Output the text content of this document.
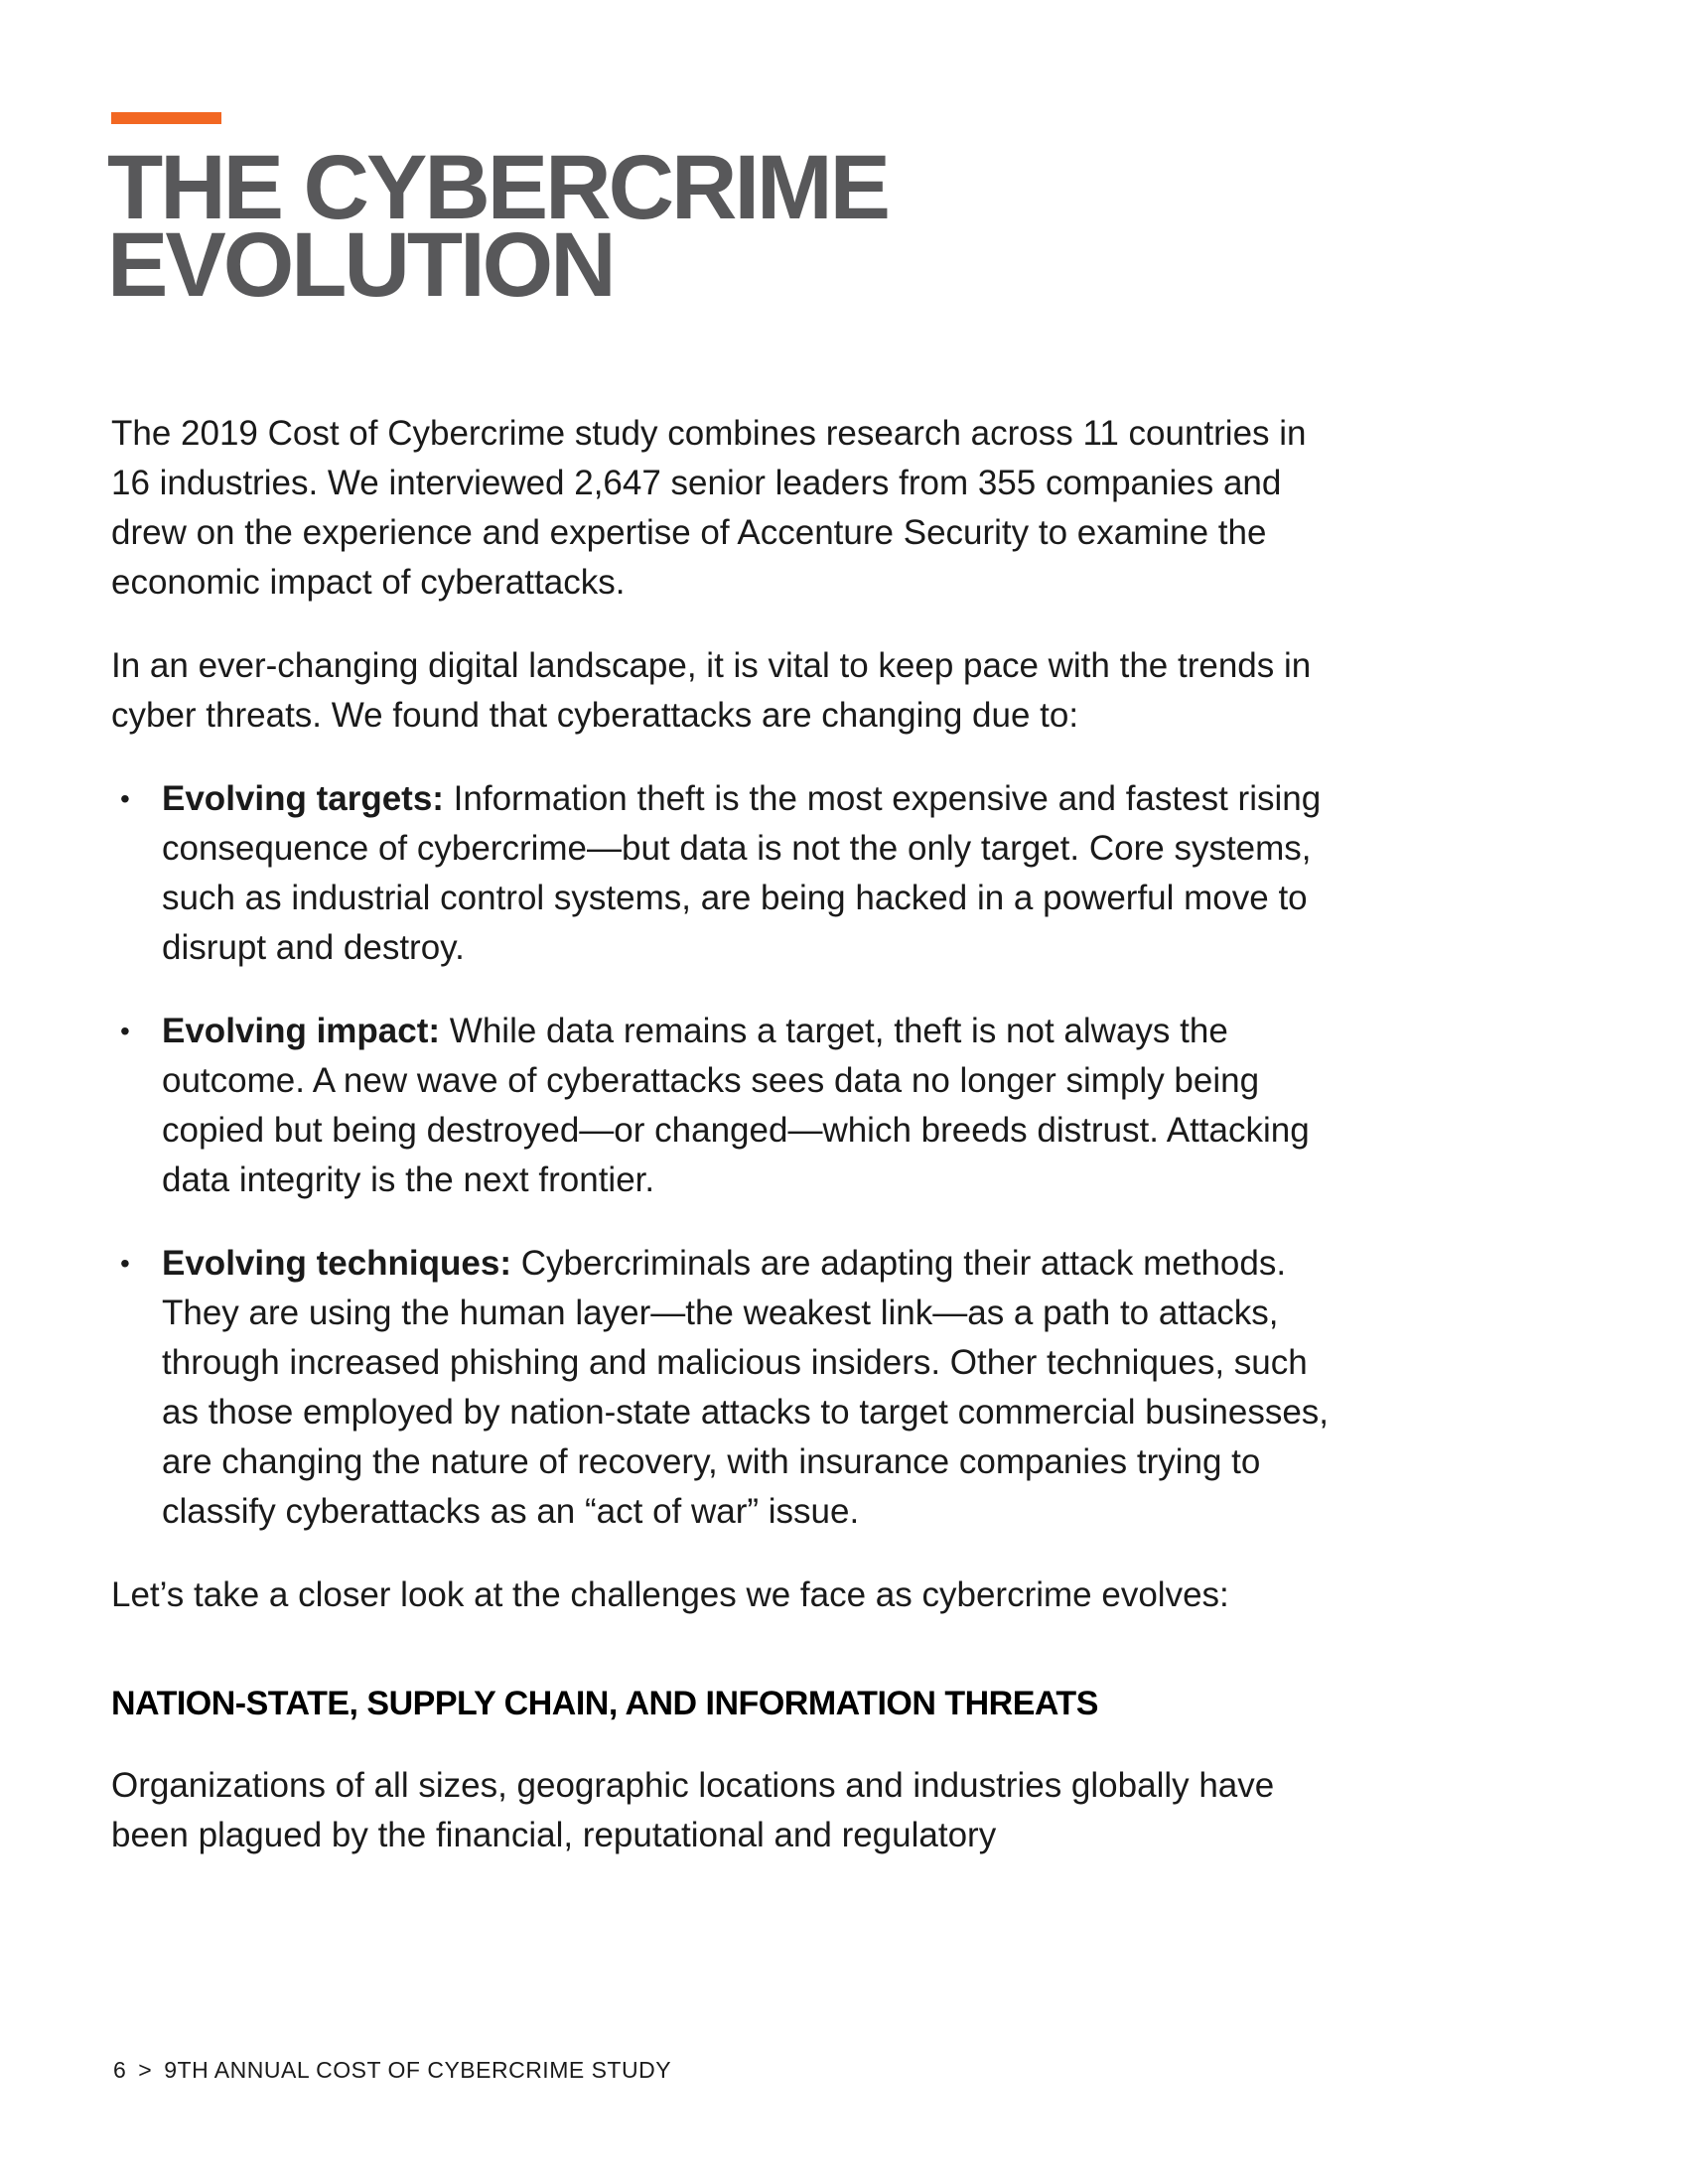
THE CYBERCRIME
EVOLUTION

The 2019 Cost of Cybercrime study combines research across 11 countries in 16 industries. We interviewed 2,647 senior leaders from 355 companies and drew on the experience and expertise of Accenture Security to examine the economic impact of cyberattacks.

In an ever-changing digital landscape, it is vital to keep pace with the trends in cyber threats. We found that cyberattacks are changing due to:

• Evolving targets: Information theft is the most expensive and fastest rising consequence of cybercrime—but data is not the only target. Core systems, such as industrial control systems, are being hacked in a powerful move to disrupt and destroy.
• Evolving impact: While data remains a target, theft is not always the outcome. A new wave of cyberattacks sees data no longer simply being copied but being destroyed—or changed—which breeds distrust. Attacking data integrity is the next frontier.
• Evolving techniques: Cybercriminals are adapting their attack methods. They are using the human layer—the weakest link—as a path to attacks, through increased phishing and malicious insiders. Other techniques, such as those employed by nation-state attacks to target commercial businesses, are changing the nature of recovery, with insurance companies trying to classify cyberattacks as an “act of war” issue.

Let’s take a closer look at the challenges we face as cybercrime evolves:

NATION-STATE, SUPPLY CHAIN, AND INFORMATION THREATS

Organizations of all sizes, geographic locations and industries globally have been plagued by the financial, reputational and regulatory

6 > 9TH ANNUAL COST OF CYBERCRIME STUDY
